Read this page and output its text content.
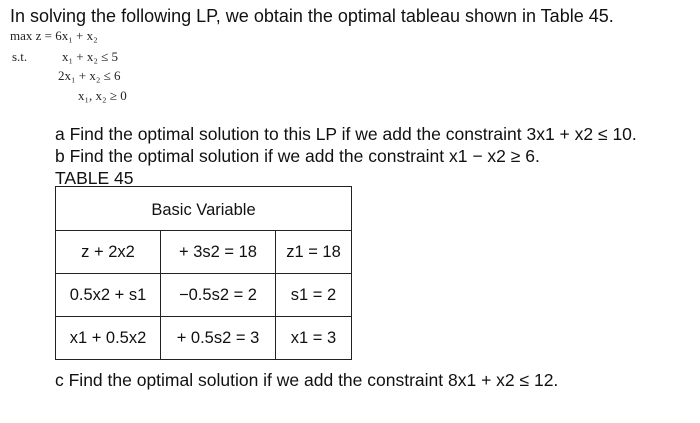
In solving the following LP, we obtain the optimal tableau shown in Table 45.
max z = 6x₁ + x₂
s.t.	x₁ + x₂ ≤ 5
2x₁ + x₂ ≤ 6
x₁, x₂ ≥ 0
a Find the optimal solution to this LP if we add the constraint 3x1 + x2 ≤ 10.
b Find the optimal solution if we add the constraint x1 − x2 ≥ 6.
TABLE 45
Basic Variable		
z + 2x2	+ 3s2 = 18	z1 = 18
0.5x2 + s1	−0.5s2 = 2	s1 = 2
x1 + 0.5x2	+ 0.5s2 = 3	x1 = 3
c Find the optimal solution if we add the constraint 8x1 + x2 ≤ 12.
